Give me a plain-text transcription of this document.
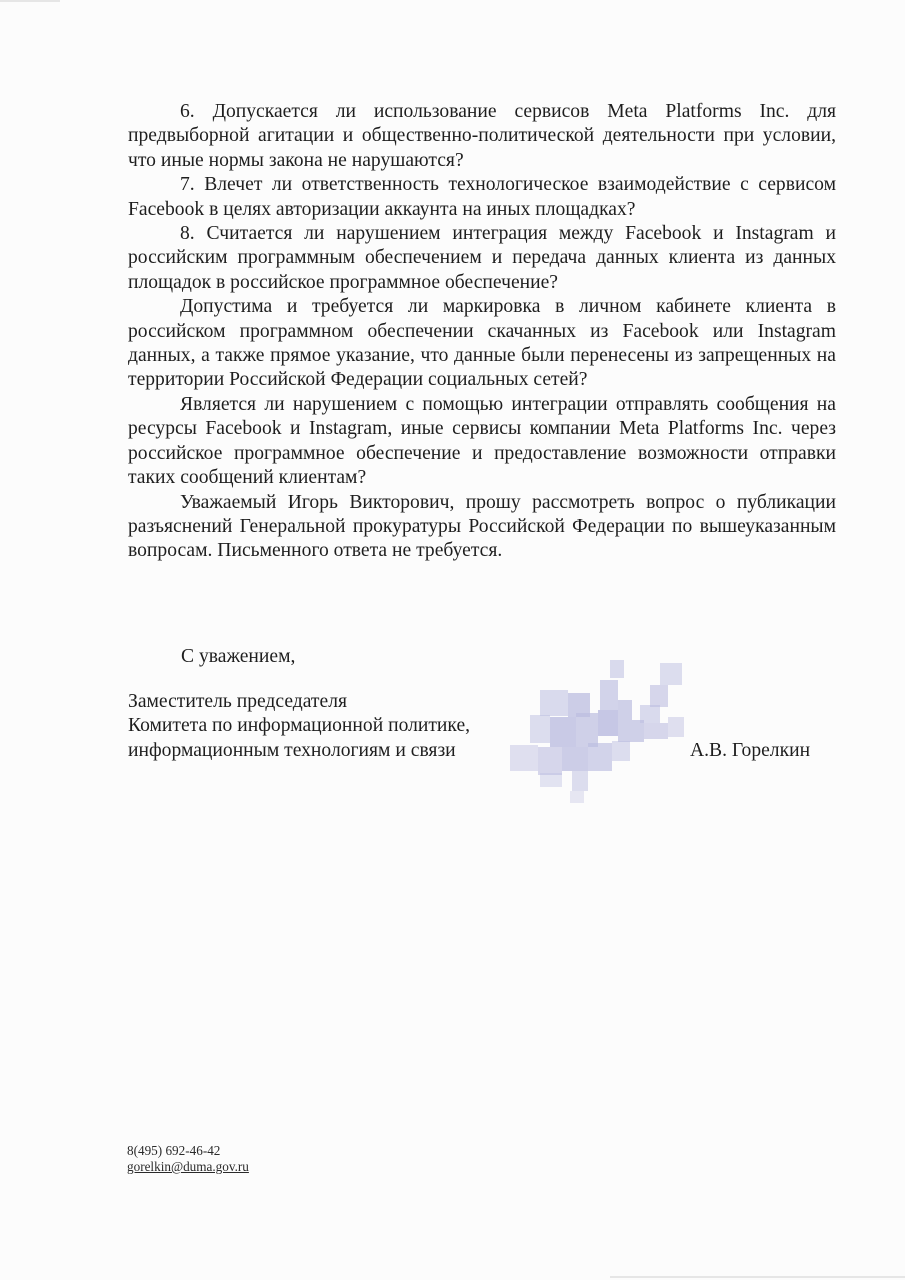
6. Допускается ли использование сервисов Meta Platforms Inc. для предвыборной агитации и общественно-политической деятельности при условии, что иные нормы закона не нарушаются?

7. Влечет ли ответственность технологическое взаимодействие с сервисом Facebook в целях авторизации аккаунта на иных площадках?

8. Считается ли нарушением интеграция между Facebook и Instagram и российским программным обеспечением и передача данных клиента из данных площадок в российское программное обеспечение?

Допустима и требуется ли маркировка в личном кабинете клиента в российском программном обеспечении скачанных из Facebook или Instagram данных, а также прямое указание, что данные были перенесены из запрещенных на территории Российской Федерации социальных сетей?

Является ли нарушением с помощью интеграции отправлять сообщения на ресурсы Facebook и Instagram, иные сервисы компании Meta Platforms Inc. через российское программное обеспечение и предоставление возможности отправки таких сообщений клиентам?

Уважаемый Игорь Викторович, прошу рассмотреть вопрос о публикации разъяснений Генеральной прокуратуры Российской Федерации по вышеуказанным вопросам. Письменного ответа не требуется.

С уважением,
Заместитель председателя
Комитета по информационной политике,
информационным технологиям и связи	А.В. Горелкин
8(495) 692-46-42
gorelkin@duma.gov.ru
